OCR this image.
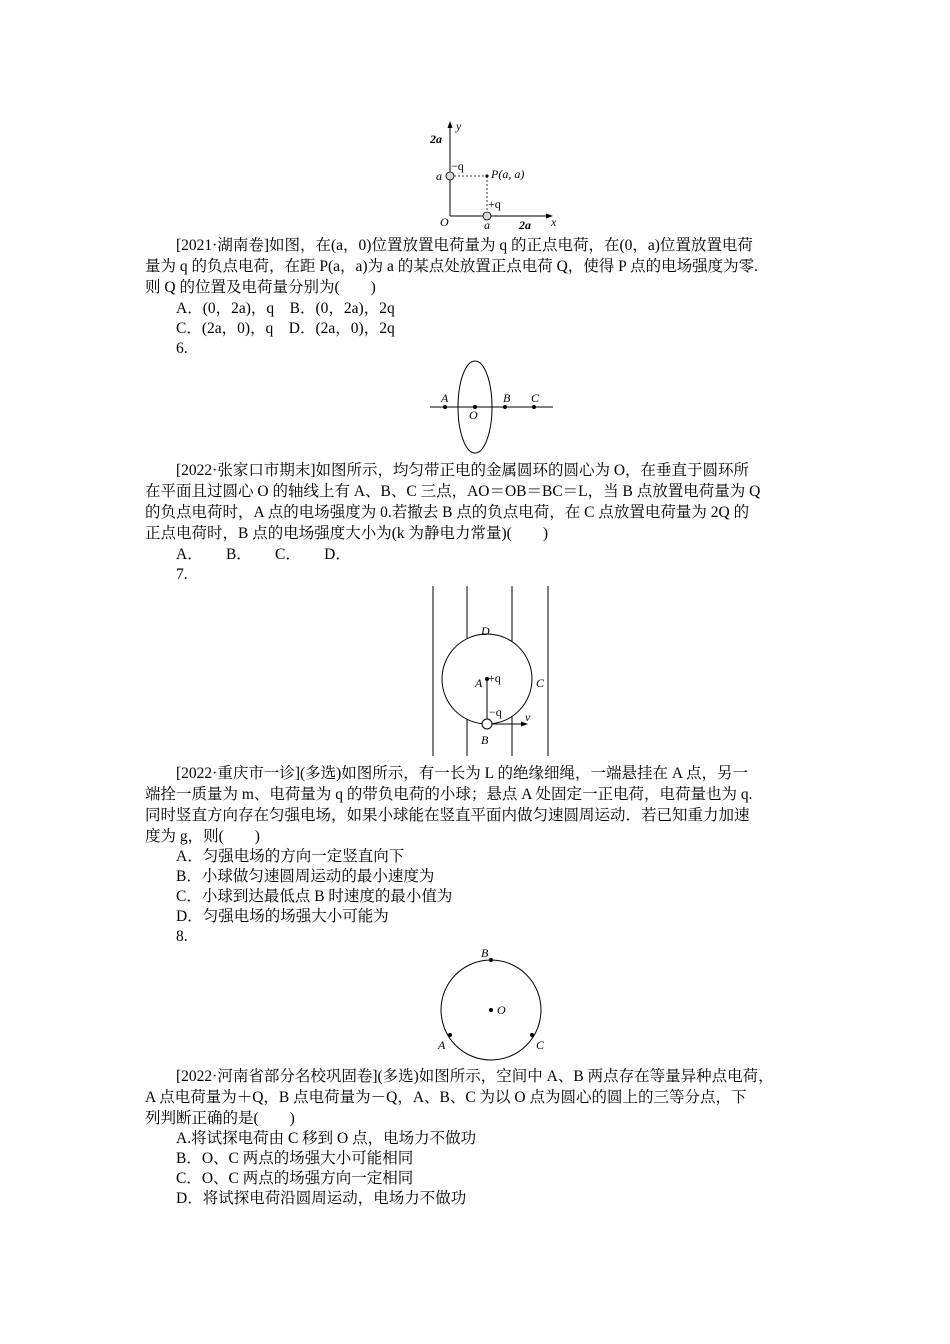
y
x
2a
a
−q
P(a, a)
+q
O	a 2a
[2021·湖南卷]如图，在(a，0)位置放置电荷量为 q 的正点电荷，在(0，a)位置放置电荷
量为 q 的负点电荷，在距 P(a，a)为 a 的某点处放置正点电荷 Q，使得 P 点的电场强度为零.
则 Q 的位置及电荷量分别为(　　)
A．(0，2a)，q　B．(0，2a)，2q
C．(2a，0)，q　D．(2a，0)，2q
6.
A
O
B C
[2022·张家口市期末]如图所示，均匀带正电的金属圆环的圆心为 O，在垂直于圆环所
在平面且过圆心 O 的轴线上有 A、B、C 三点，AO＝OB＝BC＝L，当 B 点放置电荷量为 Q
的负点电荷时，A 点的电场强度为 0.若撤去 B 点的负点电荷，在 C 点放置电荷量为 2Q 的
正点电荷时，B 点的电场强度大小为(k 为静电力常量)(　　)
A．　　B．　　C．　　D．
7.
D
A +q	C
−q v
B
[2022·重庆市一诊](多选)如图所示，有一长为 L 的绝缘细绳，一端悬挂在 A 点，另一
端拴一质量为 m、电荷量为 q 的带负电荷的小球；悬点 A 处固定一正电荷，电荷量也为 q.
同时竖直方向存在匀强电场，如果小球能在竖直平面内做匀速圆周运动．若已知重力加速
度为 g，则(　　)
A．匀强电场的方向一定竖直向下
B．小球做匀速圆周运动的最小速度为
C．小球到达最低点 B 时速度的最小值为
D．匀强电场的场强大小可能为
8.
B
O
A	C
[2022·河南省部分名校巩固卷](多选)如图所示，空间中 A、B 两点存在等量异种点电荷，
A 点电荷量为＋Q，B 点电荷量为－Q，A、B、C 为以 O 点为圆心的圆上的三等分点，下
列判断正确的是(　　)
A.将试探电荷由 C 移到 O 点，电场力不做功
B．O、C 两点的场强大小可能相同
C．O、C 两点的场强方向一定相同
D．将试探电荷沿圆周运动，电场力不做功
